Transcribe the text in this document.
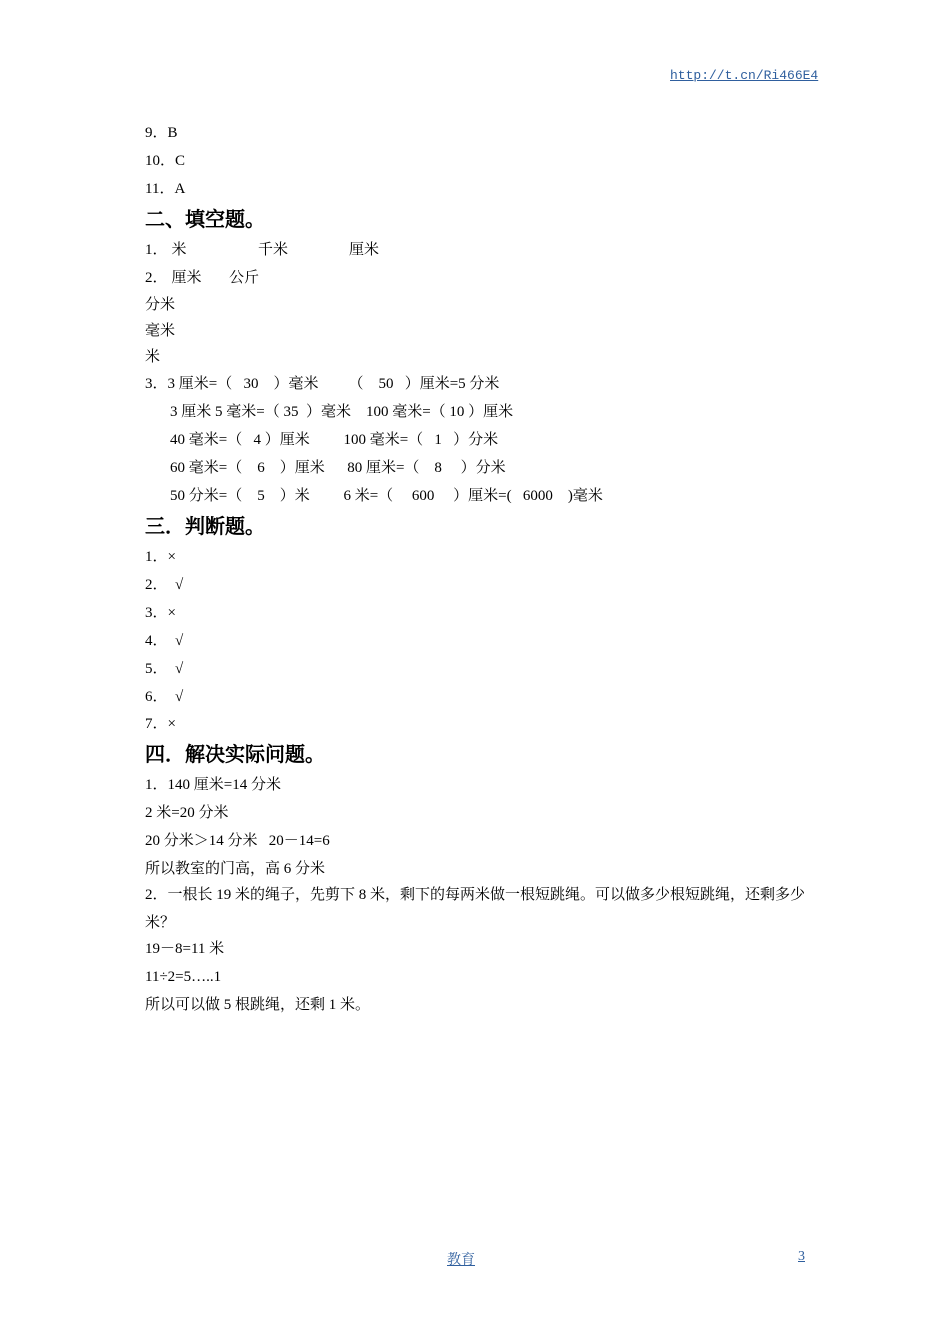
http://t.cn/Ri466E4
9．B
10．C
11．A
二、填空题。
1． 米	千米	厘米
2． 厘米 公斤
分米
毫米
米
3．3 厘米=（   30    ）毫米        （    50   ）厘米=5 分米
3 厘米 5 毫米=（ 35  ）毫米    100 毫米=（ 10 ）厘米
40 毫米=（   4 ）厘米         100 毫米=（   1   ）分米
60 毫米=（    6    ）厘米      80 厘米=（    8     ）分米
50 分米=（    5    ）米         6 米=（     600     ）厘米=(   6000    )毫米
三．判断题。
1．×
2．  √
3．×
4．  √
5．  √
6．  √
7．×
四．解决实际问题。
1．140 厘米=14 分米
2 米=20 分米
20 分米＞14 分米   20－14=6
所以教室的门高，高 6 分米
2．一根长 19 米的绳子，先剪下 8 米，剩下的每两米做一根短跳绳。可以做多少根短跳绳，还剩多少米？
19－8=11 米
11÷2=5…..1
所以可以做 5 根跳绳，还剩 1 米。
教育	3
